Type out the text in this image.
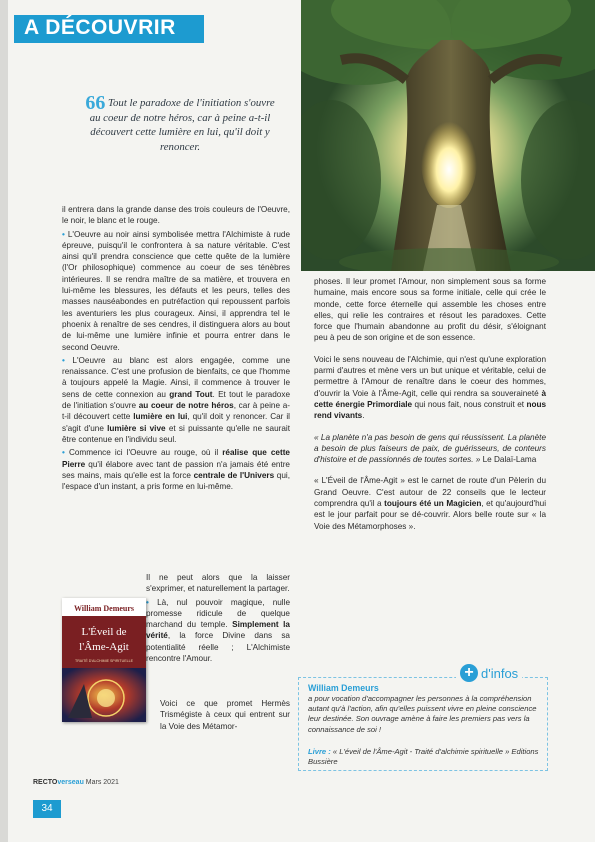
A DÉCOUVRIR
66 Tout le paradoxe de l'initiation s'ouvre au coeur de notre héros, car à peine a-t-il découvert cette lumière en lui, qu'il doit y renoncer.

il entrera dans la grande danse des trois couleurs de l'Oeuvre, le noir, le blanc et le rouge.

• L'Oeuvre au noir ainsi symbolisée mettra l'Alchimiste à rude épreuve, puisqu'il le confrontera à sa nature véritable. C'est ainsi qu'il prendra conscience que cette quête de la lumière (l'Or philosophique) commence au coeur de ses ténèbres intérieures. Il se rendra maître de sa matière, et trouvera en lui-même les blessures, les défauts et les peurs, telles des masses nauséabondes en putréfaction qui repoussent parfois les aventuriers les plus courageux. Ainsi, il apprendra tel le phoenix à renaître de ses cendres, il distinguera alors au bout de lui-même une lumière infinie et pourra entrer dans le second Oeuvre.

• L'Oeuvre au blanc est alors engagée, comme une renaissance. C'est une profusion de bienfaits, ce que l'homme à toujours appelé la Magie. Ainsi, il commence à trouver le sens de cette connexion au grand Tout. Et tout le paradoxe de l'initiation s'ouvre au coeur de notre héros, car à peine a-t-il découvert cette lumière en lui, qu'il doit y renoncer. Car il s'agit d'une lumière si vive et si puissante qu'elle ne saurait être contenue en l'individu seul.

• Commence ici l'Oeuvre au rouge, où il réalise que cette Pierre qu'il élabore avec tant de passion n'a jamais été entre ses mains, mais qu'elle est la force centrale de l'Univers qui, l'espace d'un instant, a pris forme en lui-même.

Il ne peut alors que la laisser s'exprimer, et naturellement la partager.

• Là, nul pouvoir magique, nulle promesse ridicule de quelque marchand du temple. Simplement la vérité, la force Divine dans sa potentialité réelle ; L'Alchimiste rencontre l'Amour.

Voici ce que promet Hermès Trismégiste à ceux qui entrent sur la Voie des Métamor-
William Demeurs
L'Éveil de
l'Âme-Agit
TRAITÉ D'ALCHIMIE SPIRITUELLE

phoses. Il leur promet l'Amour, non simplement sous sa forme humaine, mais encore sous sa forme initiale, celle qui crée le monde, cette force éternelle qui assemble les choses entre elles, qui relie les contraires et résout les paradoxes. Cette force que l'humain abandonne au profit du désir, s'éloignant peu à peu de son origine et de son essence.

Voici le sens nouveau de l'Alchimie, qui n'est qu'une exploration parmi d'autres et mène vers un but unique et véritable, celui de permettre à l'Amour de renaître dans le coeur des hommes, d'ouvrir la Voie à l'Âme-Agit, celle qui rendra sa souveraineté à cette énergie Primordiale qui nous fait, nous construit et nous rend vivants.

« La planète n'a pas besoin de gens qui réussissent. La planète a besoin de plus faiseurs de paix, de guérisseurs, de conteurs d'histoire et de passionnés de toutes sortes. » Le Dalaï-Lama

« L'Éveil de l'Âme-Agit » est le carnet de route d'un Pèlerin du Grand Oeuvre. C'est autour de 22 conseils que le lecteur comprendra qu'il a toujours été un Magicien, et qu'aujourd'hui est le jour parfait pour se dé-couvrir. Alors belle route sur « la Voie des Métamorphoses ».

+ d'infos
William Demeurs
a pour vocation d'accompagner les personnes à la compréhension autant qu'à l'action, afin qu'elles puissent vivre en pleine conscience leur destinée. Son ouvrage amène à faire les premiers pas vers la connaissance de soi !
Livre : « L'éveil de l'Âme-Agit - Traité d'alchimie spirituelle » Editions Bussière
RECTOverseau Mars 2021
34
